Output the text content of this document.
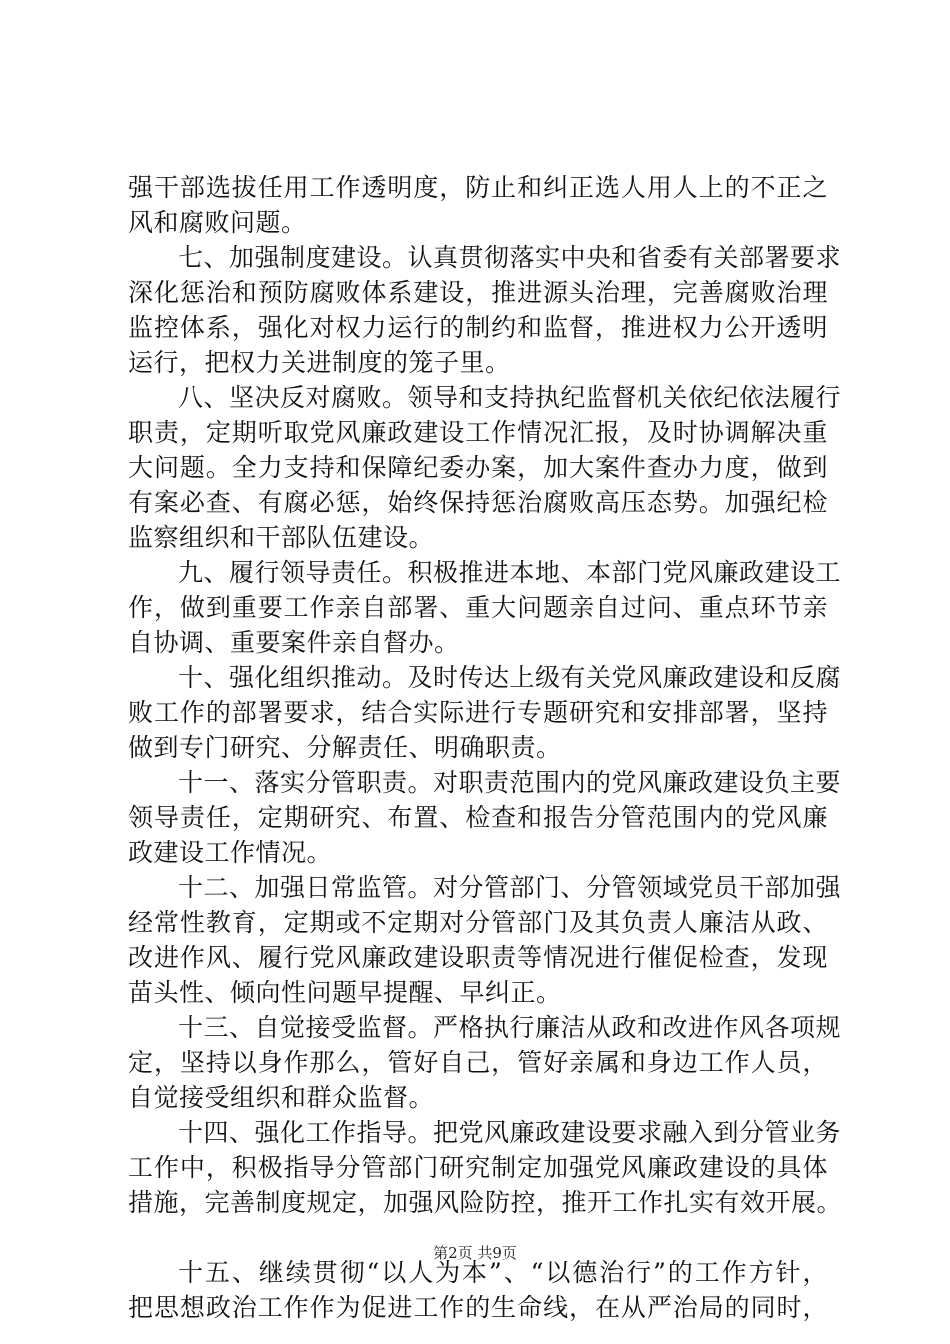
强干部选拔任用工作透明度，防止和纠正选人用人上的不正之
风和腐败问题。
七、加强制度建设。认真贯彻落实中央和省委有关部署要求
深化惩治和预防腐败体系建设，推进源头治理，完善腐败治理
监控体系，强化对权力运行的制约和监督，推进权力公开透明
运行，把权力关进制度的笼子里。
八、坚决反对腐败。领导和支持执纪监督机关依纪依法履行
职责，定期听取党风廉政建设工作情况汇报，及时协调解决重
大问题。全力支持和保障纪委办案，加大案件查办力度，做到
有案必查、有腐必惩，始终保持惩治腐败高压态势。加强纪检
监察组织和干部队伍建设。
九、履行领导责任。积极推进本地、本部门党风廉政建设工
作，做到重要工作亲自部署、重大问题亲自过问、重点环节亲
自协调、重要案件亲自督办。
十、强化组织推动。及时传达上级有关党风廉政建设和反腐
败工作的部署要求，结合实际进行专题研究和安排部署，坚持
做到专门研究、分解责任、明确职责。
十一、落实分管职责。对职责范围内的党风廉政建设负主要
领导责任，定期研究、布置、检查和报告分管范围内的党风廉
政建设工作情况。
十二、加强日常监管。对分管部门、分管领域党员干部加强
经常性教育，定期或不定期对分管部门及其负责人廉洁从政、
改进作风、履行党风廉政建设职责等情况进行催促检查，发现
苗头性、倾向性问题早提醒、早纠正。
十三、自觉接受监督。严格执行廉洁从政和改进作风各项规
定，坚持以身作那么，管好自己，管好亲属和身边工作人员，
自觉接受组织和群众监督。
十四、强化工作指导。把党风廉政建设要求融入到分管业务
工作中，积极指导分管部门研究制定加强党风廉政建设的具体
措施，完善制度规定，加强风险防控，推开工作扎实有效开展。
十五、继续贯彻“以人为本”、“以德治行”的工作方针，
把思想政治工作作为促进工作的生命线，在从严治局的同时，
第2页 共9页
